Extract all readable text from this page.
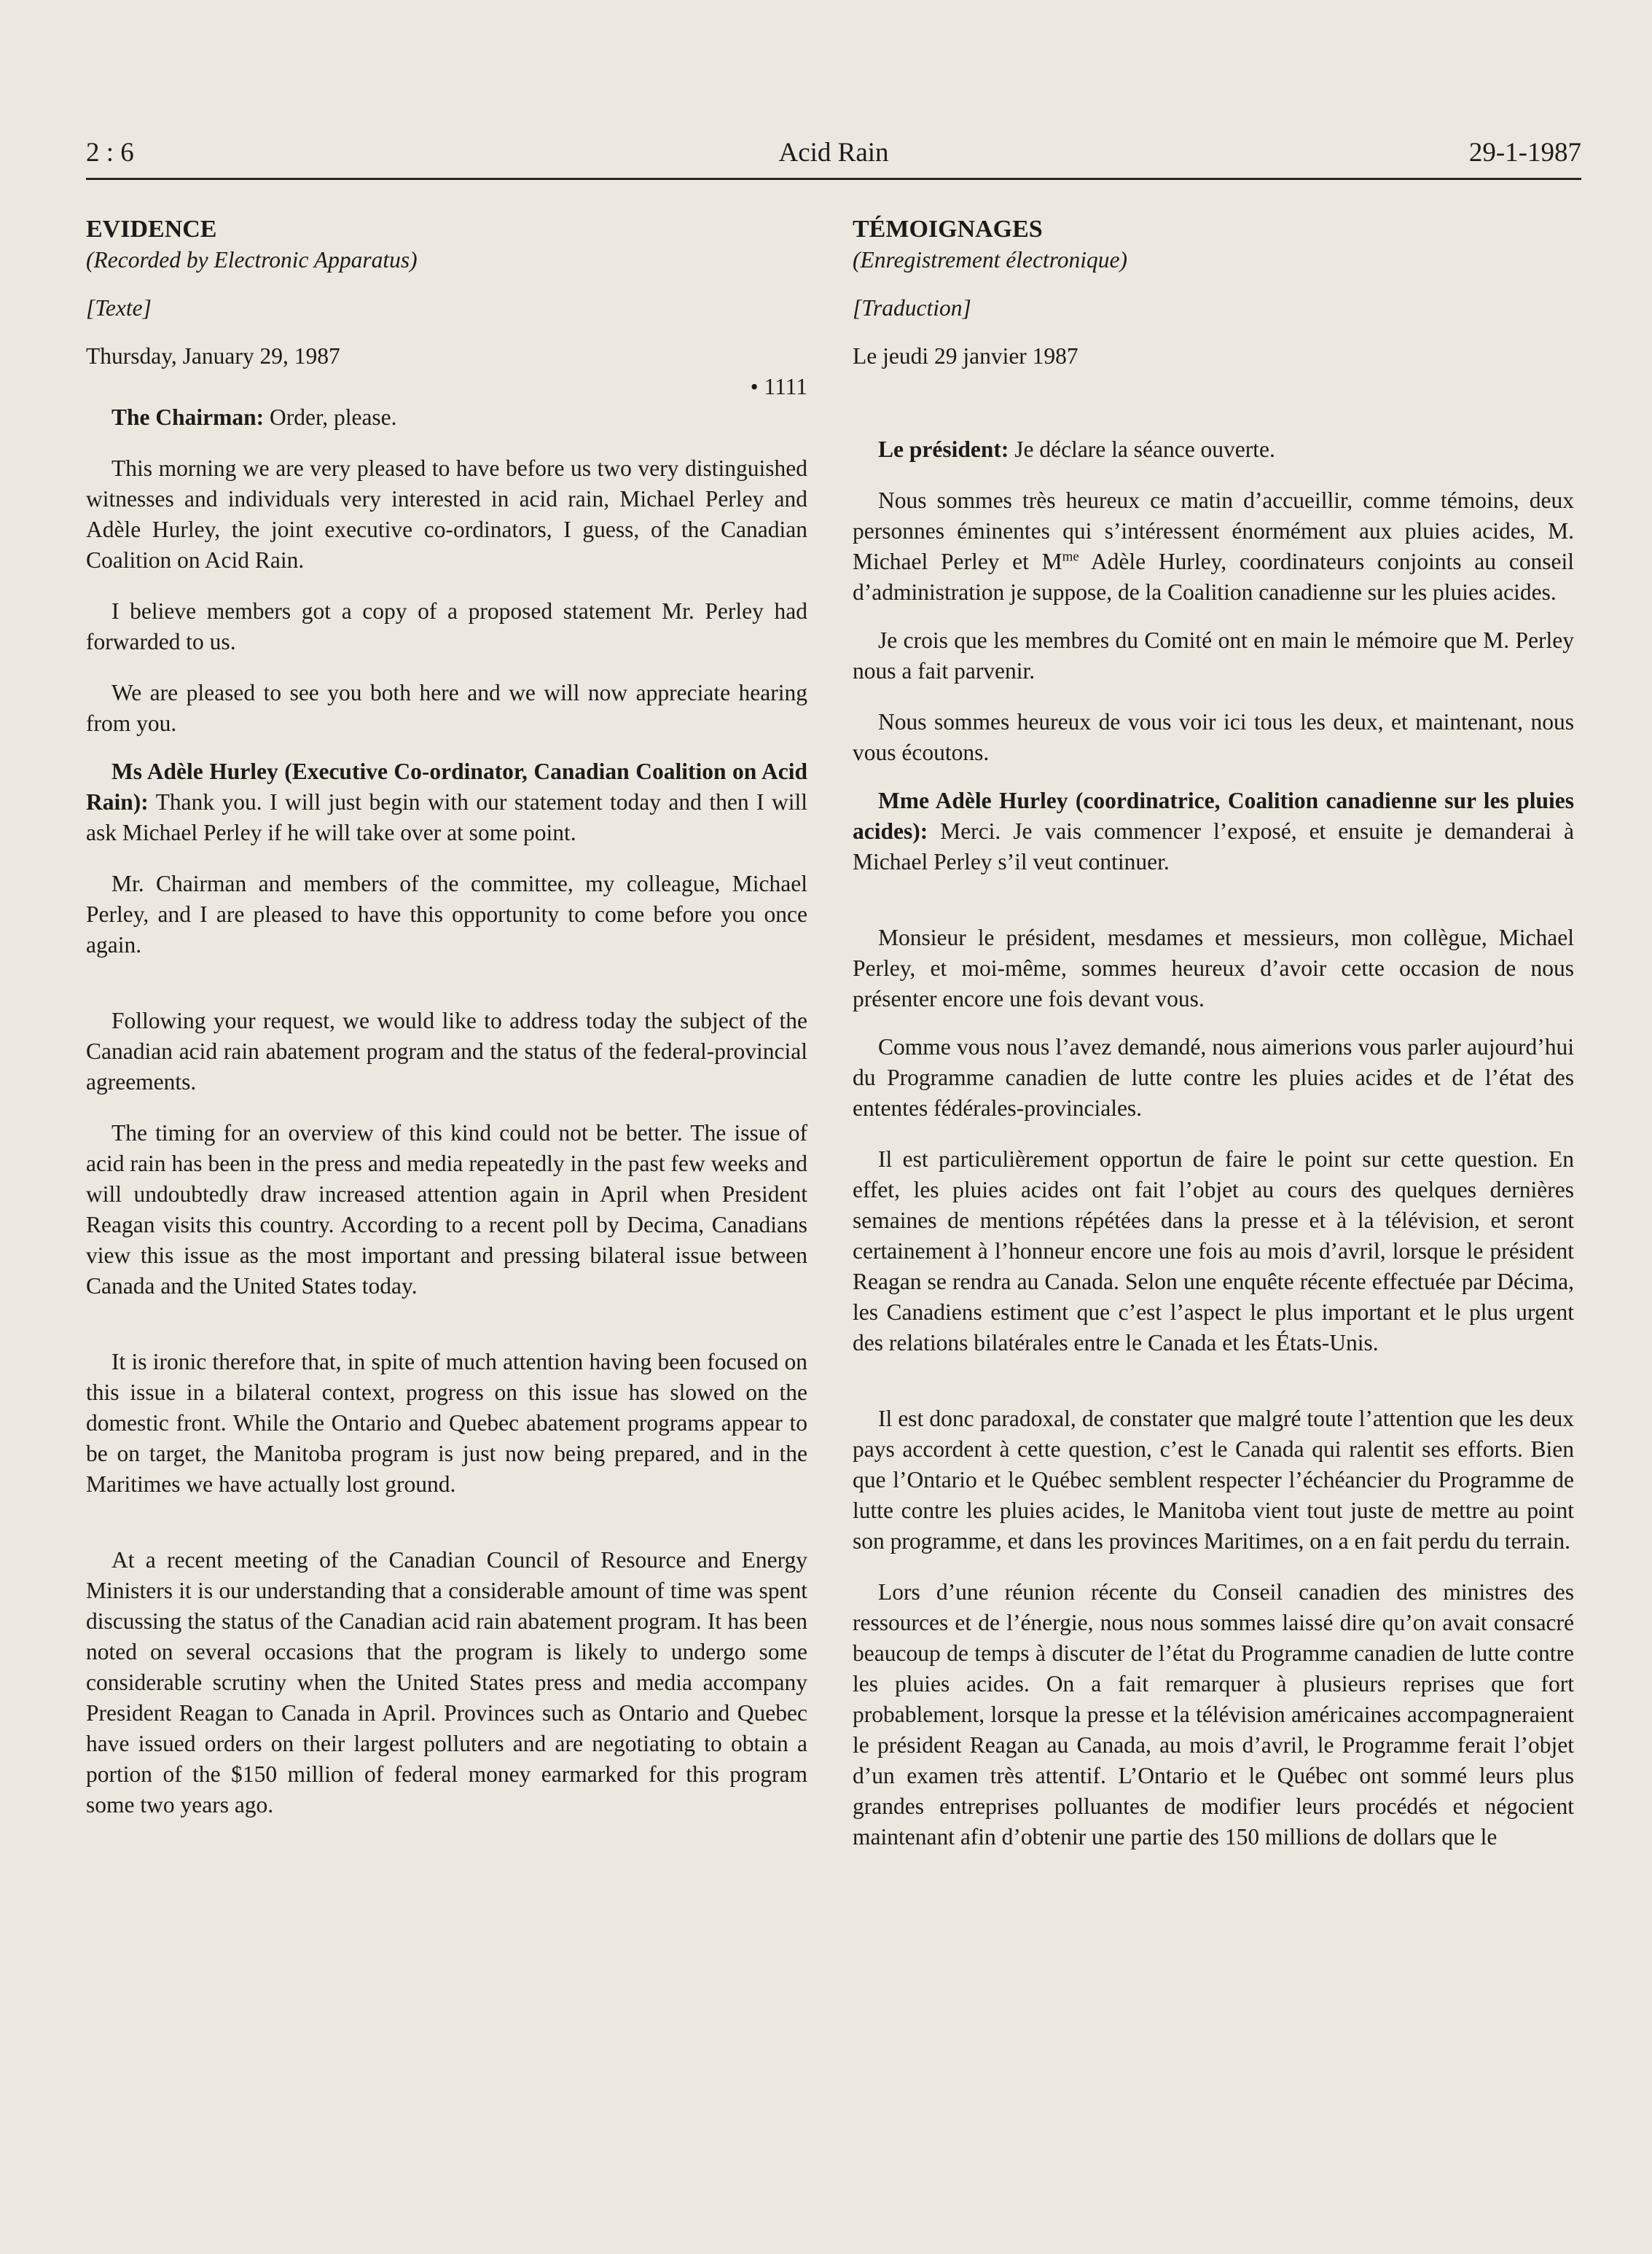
2 : 6	Acid Rain	29-1-1987

EVIDENCE

(Recorded by Electronic Apparatus)

[Texte]

Thursday, January 29, 1987

• 1111

The Chairman: Order, please.

This morning we are very pleased to have before us two very distinguished witnesses and individuals very interested in acid rain, Michael Perley and Adèle Hurley, the joint executive co-ordinators, I guess, of the Canadian Coalition on Acid Rain.

I believe members got a copy of a proposed statement Mr. Perley had forwarded to us.

We are pleased to see you both here and we will now appreciate hearing from you.

Ms Adèle Hurley (Executive Co-ordinator, Canadian Coalition on Acid Rain): Thank you. I will just begin with our statement today and then I will ask Michael Perley if he will take over at some point.

Mr. Chairman and members of the committee, my colleague, Michael Perley, and I are pleased to have this opportunity to come before you once again.

Following your request, we would like to address today the subject of the Canadian acid rain abatement program and the status of the federal-provincial agreements.

The timing for an overview of this kind could not be better. The issue of acid rain has been in the press and media repeatedly in the past few weeks and will undoubtedly draw increased attention again in April when President Reagan visits this country. According to a recent poll by Decima, Canadians view this issue as the most important and pressing bilateral issue between Canada and the United States today.

It is ironic therefore that, in spite of much attention having been focused on this issue in a bilateral context, progress on this issue has slowed on the domestic front. While the Ontario and Quebec abatement programs appear to be on target, the Manitoba program is just now being prepared, and in the Maritimes we have actually lost ground.

At a recent meeting of the Canadian Council of Resource and Energy Ministers it is our understanding that a considerable amount of time was spent discussing the status of the Canadian acid rain abatement program. It has been noted on several occasions that the program is likely to undergo some considerable scrutiny when the United States press and media accompany President Reagan to Canada in April. Provinces such as Ontario and Quebec have issued orders on their largest polluters and are negotiating to obtain a portion of the $150 million of federal money earmarked for this program some two years ago.

TÉMOIGNAGES

(Enregistrement électronique)

[Traduction]

Le jeudi 29 janvier 1987

Le président: Je déclare la séance ouverte.

Nous sommes très heureux ce matin d’accueillir, comme témoins, deux personnes éminentes qui s’intéressent énormément aux pluies acides, M. Michael Perley et $M^{me}$ Adèle Hurley, coordinateurs conjoints au conseil d’administration je suppose, de la Coalition canadienne sur les pluies acides.

Je crois que les membres du Comité ont en main le mémoire que M. Perley nous a fait parvenir.

Nous sommes heureux de vous voir ici tous les deux, et maintenant, nous vous écoutons.

Mme Adèle Hurley (coordinatrice, Coalition canadienne sur les pluies acides): Merci. Je vais commencer l’exposé, et ensuite je demanderai à Michael Perley s’il veut continuer.

Monsieur le président, mesdames et messieurs, mon collègue, Michael Perley, et moi-même, sommes heureux d’avoir cette occasion de nous présenter encore une fois devant vous.

Comme vous nous l’avez demandé, nous aimerions vous parler aujourd’hui du Programme canadien de lutte contre les pluies acides et de l’état des ententes fédérales-provinciales.

Il est particulièrement opportun de faire le point sur cette question. En effet, les pluies acides ont fait l’objet au cours des quelques dernières semaines de mentions répétées dans la presse et à la télévision, et seront certainement à l’honneur encore une fois au mois d’avril, lorsque le président Reagan se rendra au Canada. Selon une enquête récente effectuée par Décima, les Canadiens estiment que c’est l’aspect le plus important et le plus urgent des relations bilatérales entre le Canada et les États-Unis.

Il est donc paradoxal, de constater que malgré toute l’attention que les deux pays accordent à cette question, c’est le Canada qui ralentit ses efforts. Bien que l’Ontario et le Québec semblent respecter l’échéancier du Programme de lutte contre les pluies acides, le Manitoba vient tout juste de mettre au point son programme, et dans les provinces Maritimes, on a en fait perdu du terrain.

Lors d’une réunion récente du Conseil canadien des ministres des ressources et de l’énergie, nous nous sommes laissé dire qu’on avait consacré beaucoup de temps à discuter de l’état du Programme canadien de lutte contre les pluies acides. On a fait remarquer à plusieurs reprises que fort probablement, lorsque la presse et la télévision américaines accompagneraient le président Reagan au Canada, au mois d’avril, le Programme ferait l’objet d’un examen très attentif. L’Ontario et le Québec ont sommé leurs plus grandes entreprises polluantes de modifier leurs procédés et négocient maintenant afin d’obtenir une partie des 150 millions de dollars que le
